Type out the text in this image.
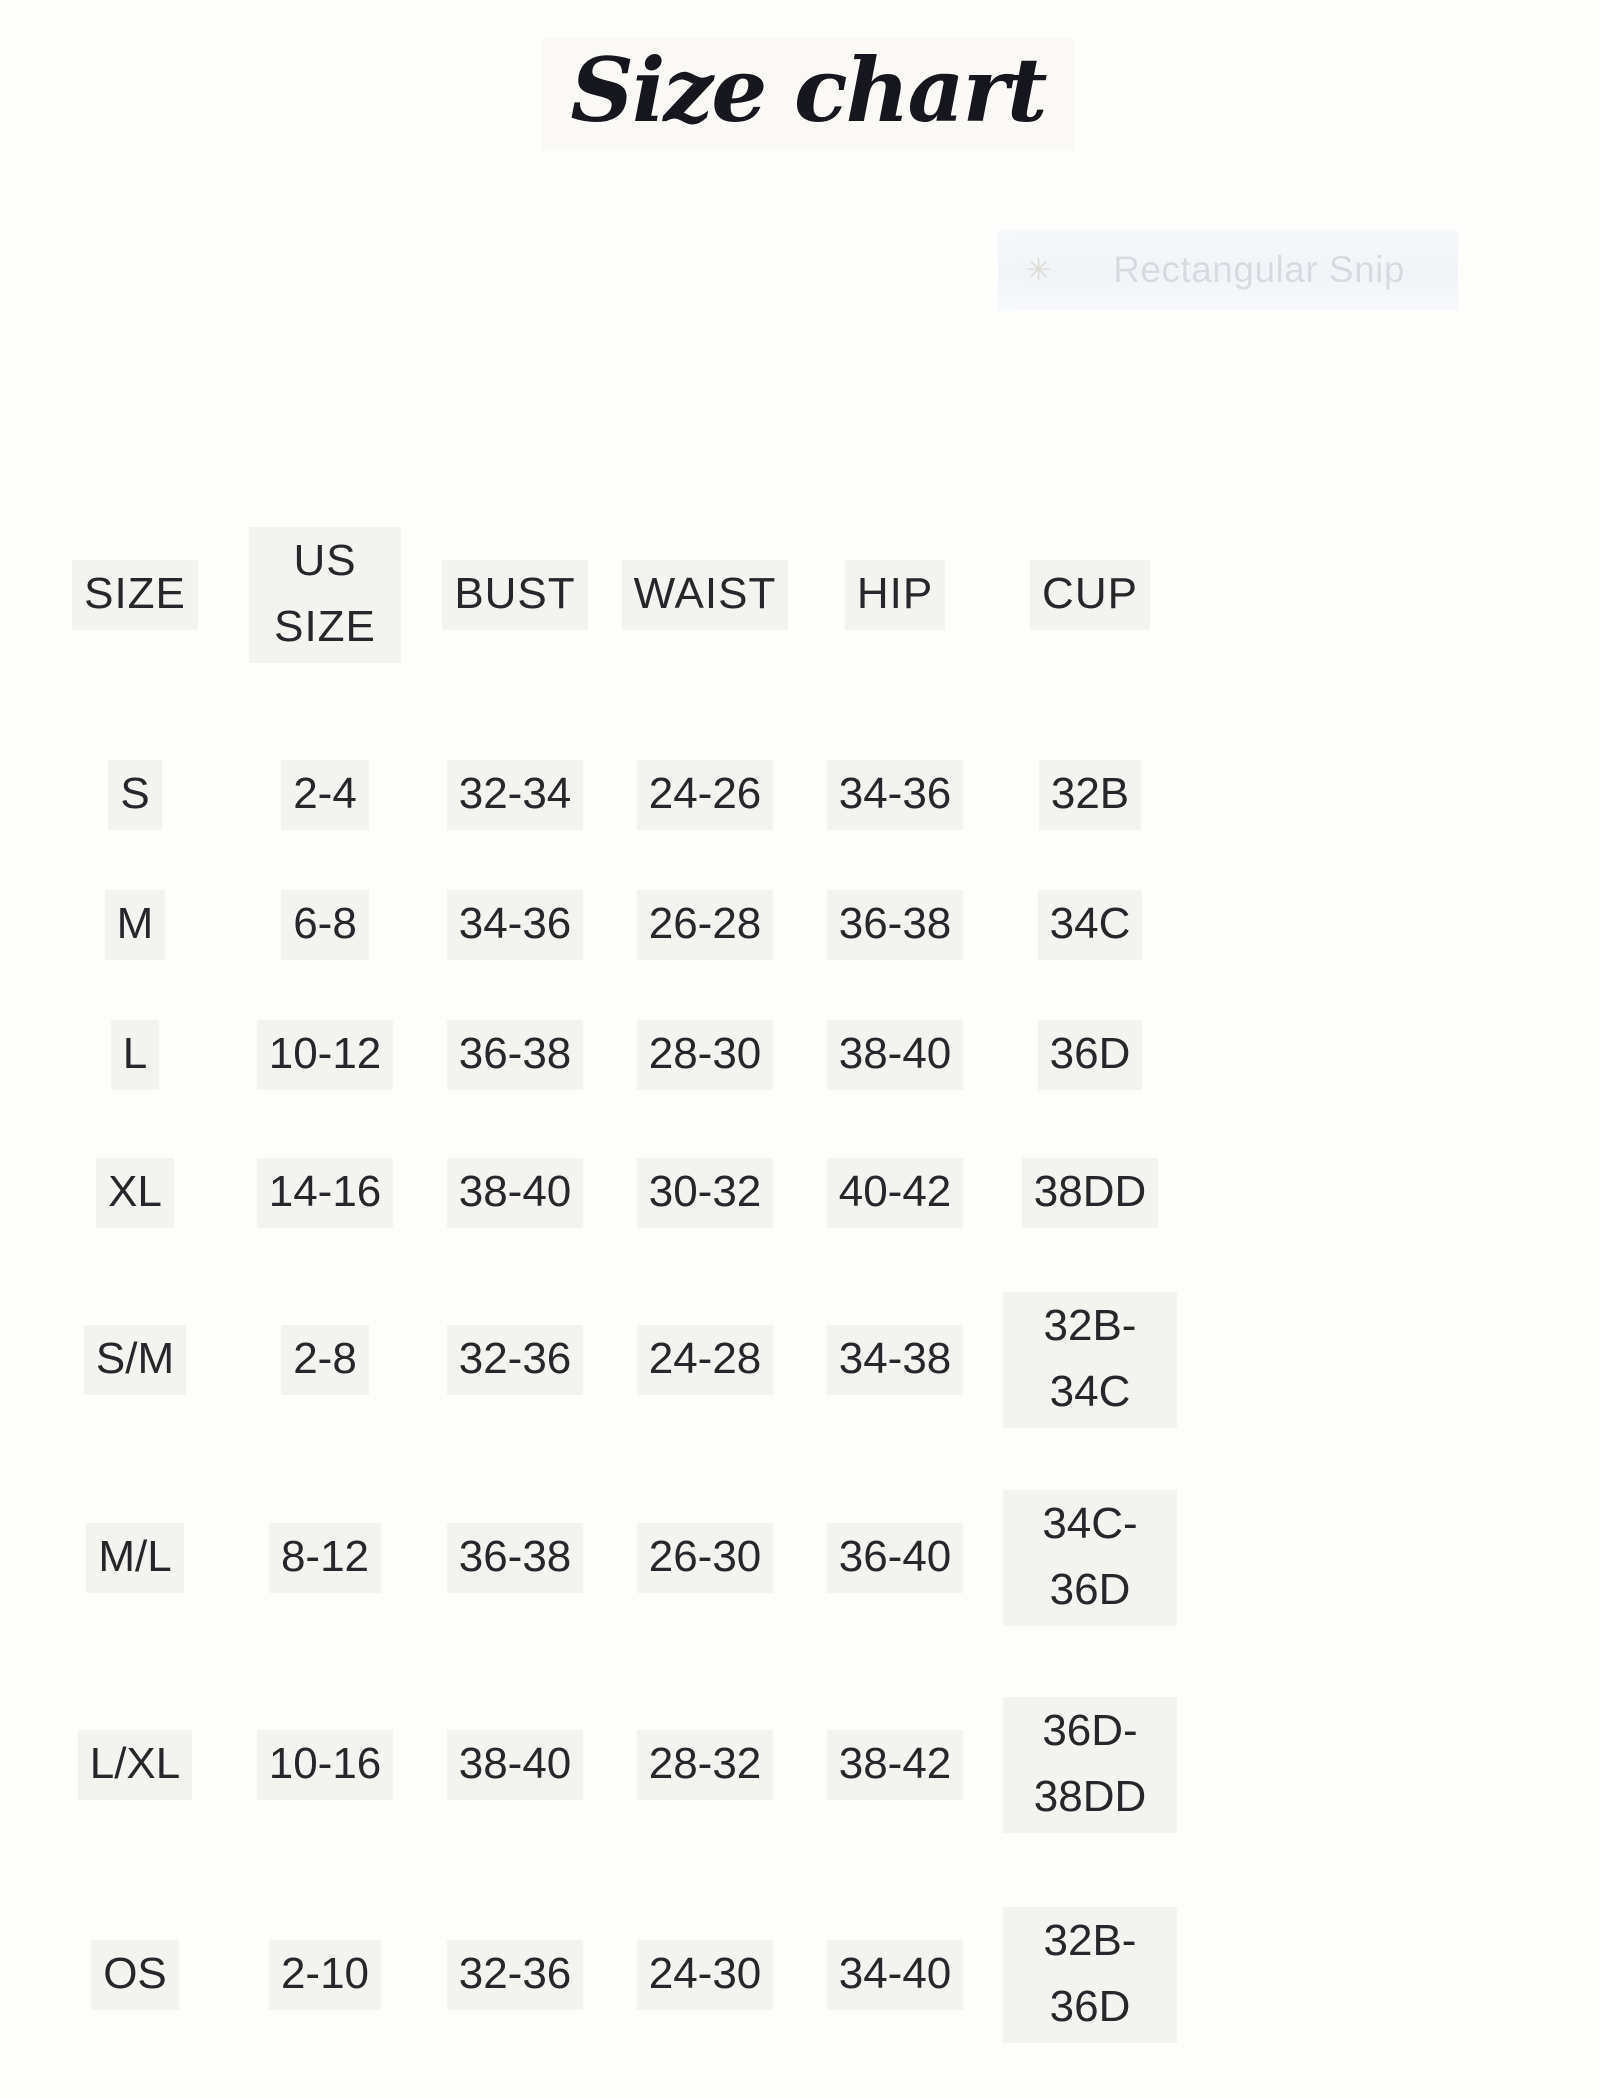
Size chart
✳ Rectangular Snip
SIZE	US SIZE	BUST	WAIST	HIP	CUP
S	2-4	32-34	24-26	34-36	32B
M	6-8	34-36	26-28	36-38	34C
L	10-12	36-38	28-30	38-40	36D
XL	14-16	38-40	30-32	40-42	38DD
S/M	2-8	32-36	24-28	34-38	32B-34C
M/L	8-12	36-38	26-30	36-40	34C-36D
L/XL	10-16	38-40	28-32	38-42	36D-38DD
OS	2-10	32-36	24-30	34-40	32B-36D
